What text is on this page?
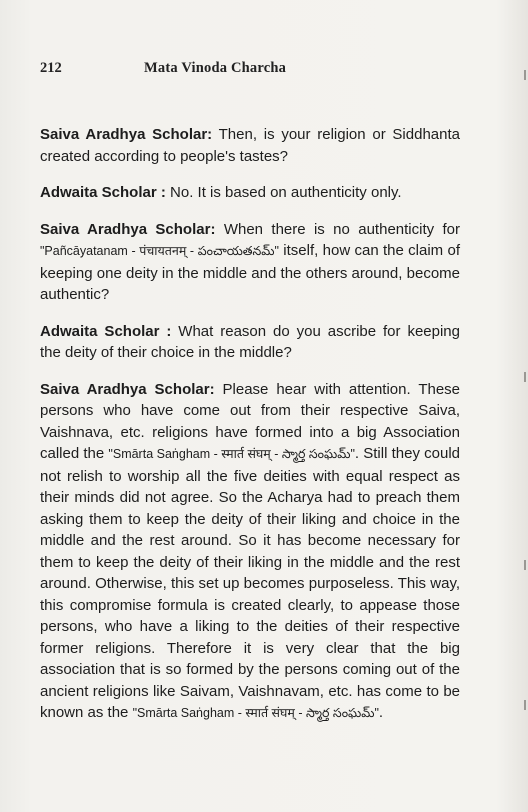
212	Mata Vinoda Charcha

Saiva Aradhya Scholar: Then, is your religion or Siddhanta created according to people's tastes?

Adwaita Scholar : No. It is based on authenticity only.

Saiva Aradhya Scholar: When there is no authenticity for "Pañcāyatanam - पंचायतनम् - పంచాయతనమ్" itself, how can the claim of keeping one deity in the middle and the others around, become authentic?

Adwaita Scholar : What reason do you ascribe for keeping the deity of their choice in the middle?

Saiva Aradhya Scholar: Please hear with attention. These persons who have come out from their respective Saiva, Vaishnava, etc. religions have formed into a big Association called the "Smārta Saṅgham - स्मार्त संघम् - స్మార్త సంఘమ్". Still they could not relish to worship all the five deities with equal respect as their minds did not agree. So the Acharya had to preach them asking them to keep the deity of their liking and choice in the middle and the rest around. So it has become necessary for them to keep the deity of their liking in the middle and the rest around. Otherwise, this set up becomes purposeless. This way, this compromise formula is created clearly, to appease those persons, who have a liking to the deities of their respective former religions. Therefore it is very clear that the big association that is so formed by the persons coming out of the ancient religions like Saivam, Vaishnavam, etc. has come to be known as the "Smārta Saṅgham - स्मार्त संघम् - స్మార్త సంఘమ్".
